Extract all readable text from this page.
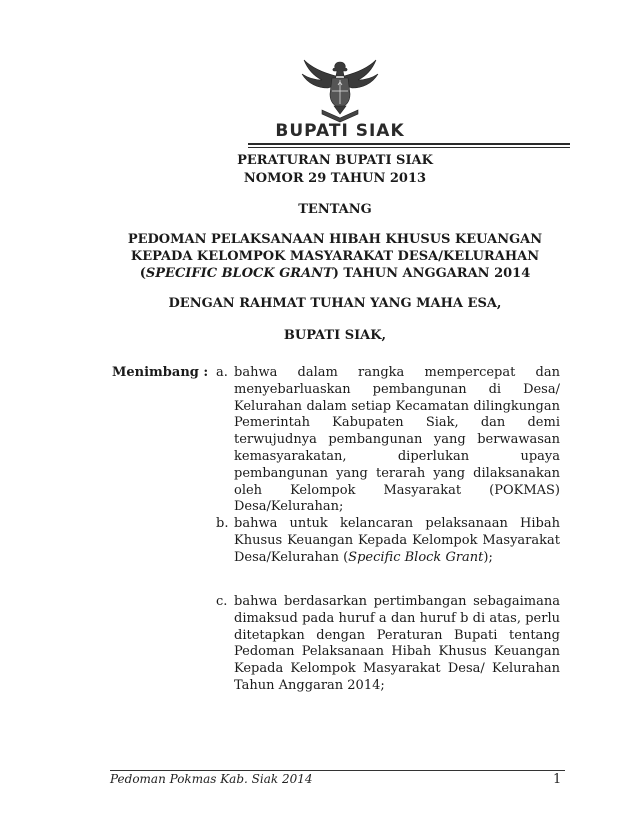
BUPATI SIAK
PERATURAN BUPATI SIAK
NOMOR 29 TAHUN 2013
TENTANG
PEDOMAN PELAKSANAAN HIBAH KHUSUS KEUANGAN
KEPADA KELOMPOK MASYARAKAT DESA/KELURAHAN
(SPECIFIC BLOCK GRANT) TAHUN ANGGARAN 2014
DENGAN RAHMAT TUHAN YANG MAHA ESA,
BUPATI SIAK,
Menimbang : a. bahwa dalam rangka mempercepat dan menyebarluaskan pembangunan di Desa/ Kelurahan dalam setiap Kecamatan dilingkungan Pemerintah Kabupaten Siak, dan demi terwujudnya pembangunan yang berwawasan kemasyarakatan, diperlukan upaya pembangunan yang terarah yang dilaksanakan oleh Kelompok Masyarakat (POKMAS) Desa/Kelurahan;
b. bahwa untuk kelancaran pelaksanaan Hibah Khusus Keuangan Kepada Kelompok Masyarakat Desa/Kelurahan (Specific Block Grant);
c. bahwa berdasarkan pertimbangan sebagaimana dimaksud pada huruf a dan huruf b di atas, perlu ditetapkan dengan Peraturan Bupati tentang Pedoman Pelaksanaan Hibah Khusus Keuangan Kepada Kelompok Masyarakat Desa/ Kelurahan Tahun Anggaran 2014;
Pedoman Pokmas Kab. Siak 2014	1
